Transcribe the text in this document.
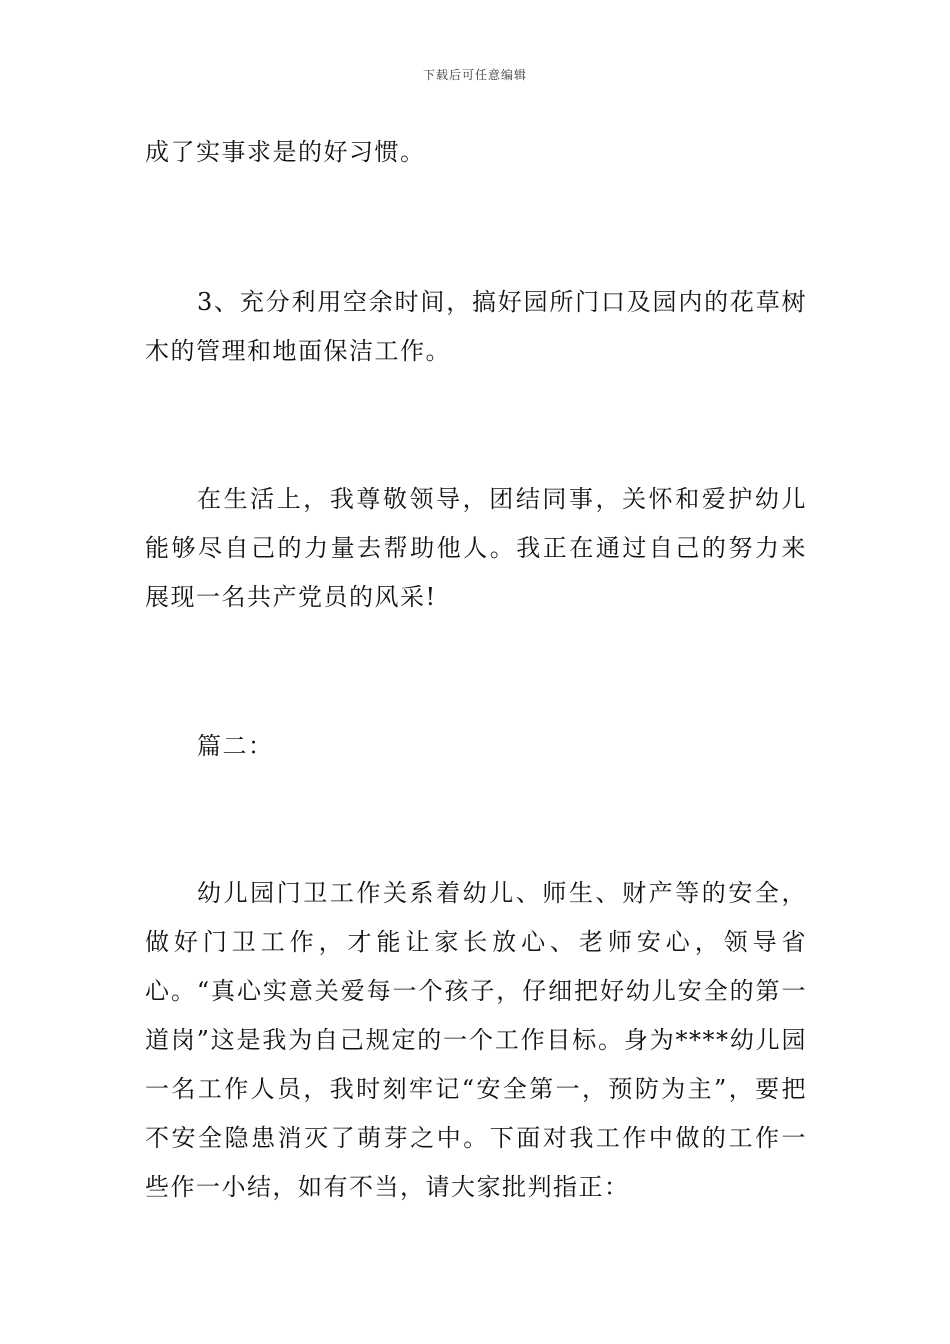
下载后可任意编辑

成了实事求是的好习惯。

3、充分利用空余时间，搞好园所门口及园内的花草树木的管理和地面保洁工作。

在生活上，我尊敬领导，团结同事，关怀和爱护幼儿能够尽自己的力量去帮助他人。我正在通过自己的努力来展现一名共产党员的风采!

篇二：

幼儿园门卫工作关系着幼儿、师生、财产等的安全，做好门卫工作，才能让家长放心、老师安心，领导省心。“真心实意关爱每一个孩子，仔细把好幼儿安全的第一道岗”这是我为自己规定的一个工作目标。身为****幼儿园一名工作人员，我时刻牢记“安全第一，预防为主”，要把不安全隐患消灭了萌芽之中。下面对我工作中做的工作一些作一小结，如有不当，请大家批判指正：
